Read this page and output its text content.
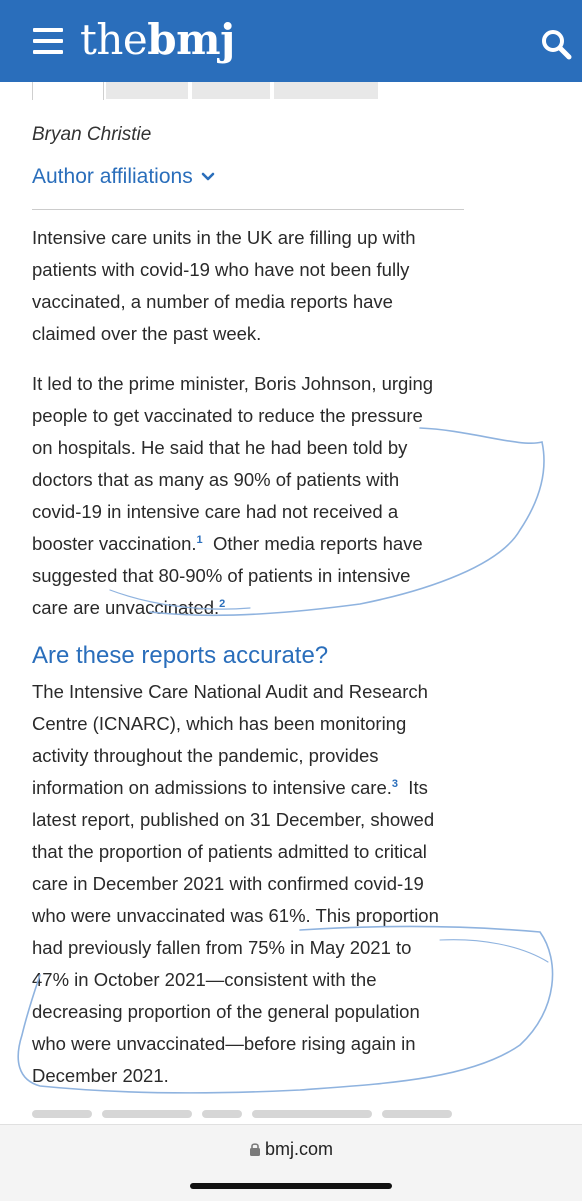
thebmj
Bryan Christie
Author affiliations

Intensive care units in the UK are filling up with
patients with covid-19 who have not been fully
vaccinated, a number of media reports have
claimed over the past week.

It led to the prime minister, Boris Johnson, urging
people to get vaccinated to reduce the pressure
on hospitals. He said that he had been told by
doctors that as many as 90% of patients with
covid-19 in intensive care had not received a
booster vaccination.$^1$  Other media reports have
suggested that 80-90% of patients in intensive
care are unvaccinated.$^2$

Are these reports accurate?

The Intensive Care National Audit and Research
Centre (ICNARC), which has been monitoring
activity throughout the pandemic, provides
information on admissions to intensive care.$^3$  Its
latest report, published on 31 December, showed
that the proportion of patients admitted to critical
care in December 2021 with confirmed covid-19
who were unvaccinated was 61%. This proportion
had previously fallen from 75% in May 2021 to
47% in October 2021—consistent with the
decreasing proportion of the general population
who were unvaccinated—before rising again in
December 2021.

bmj.com
